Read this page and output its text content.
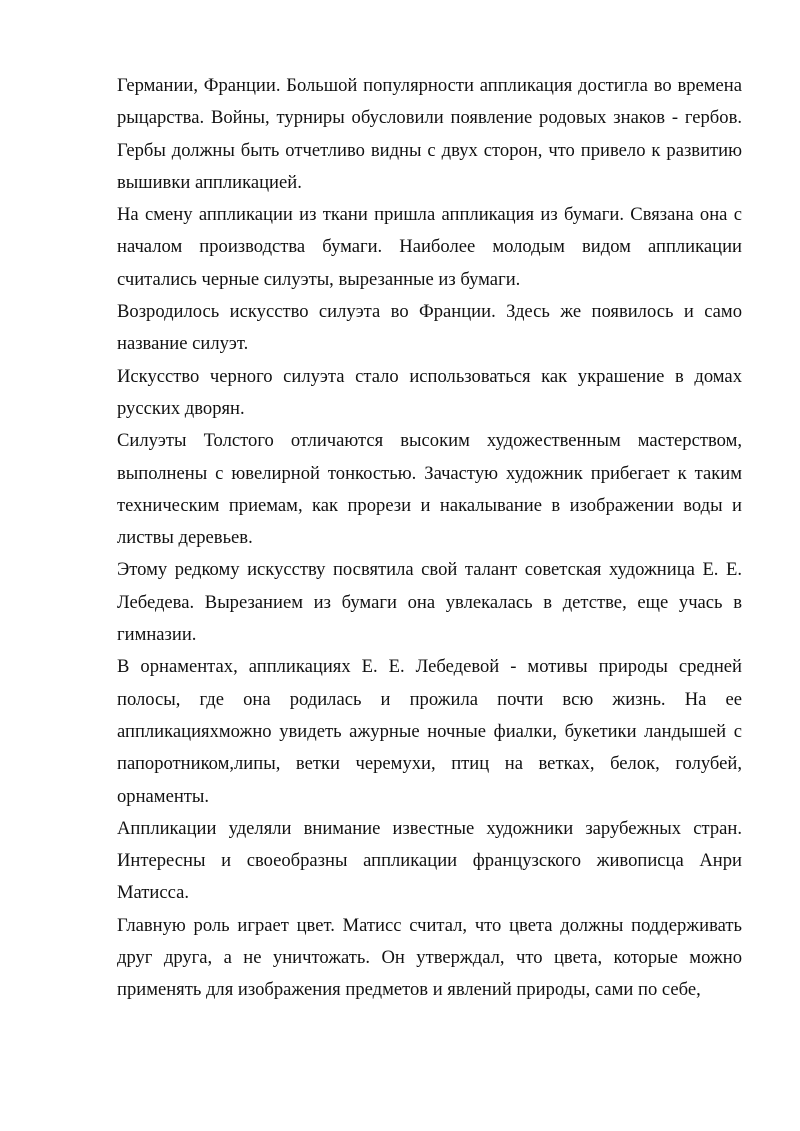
Германии, Франции. Большой популярности аппликация достигла во времена рыцарства. Войны, турниры обусловили появление родовых знаков - гербов. Гербы должны быть отчетливо видны с двух сторон, что привело к развитию вышивки аппликацией.

На смену аппликации из ткани пришла аппликация из бумаги. Связана она с началом производства бумаги. Наиболее молодым видом аппликации считались черные силуэты, вырезанные из бумаги.

Возродилось искусство силуэта во Франции. Здесь же появилось и само название силуэт.

Искусство черного силуэта стало использоваться как украшение в домах русских дворян.

Силуэты Толстого отличаются высоким художественным мастерством, выполнены с ювелирной тонкостью. Зачастую художник прибегает к таким техническим приемам, как прорези и накалывание в изображении воды и листвы деревьев.

Этому редкому искусству посвятила свой талант советская художница Е. Е. Лебедева. Вырезанием из бумаги она увлекалась в детстве, еще учась в гимназии.

В орнаментах, аппликациях Е. Е. Лебедевой - мотивы природы средней полосы, где она родилась и прожила почти всю жизнь. На ее аппликацияхможно увидеть ажурные ночные фиалки, букетики ландышей с папоротником,липы, ветки черемухи, птиц на ветках, белок, голубей, орнаменты.

Аппликации уделяли внимание известные художники зарубежных стран. Интересны и своеобразны аппликации французского живописца Анри Матисса.

Главную роль играет цвет. Матисс считал, что цвета должны поддерживать друг друга, а не уничтожать. Он утверждал, что цвета, которые можно применять для изображения предметов и явлений природы, сами по себе,
